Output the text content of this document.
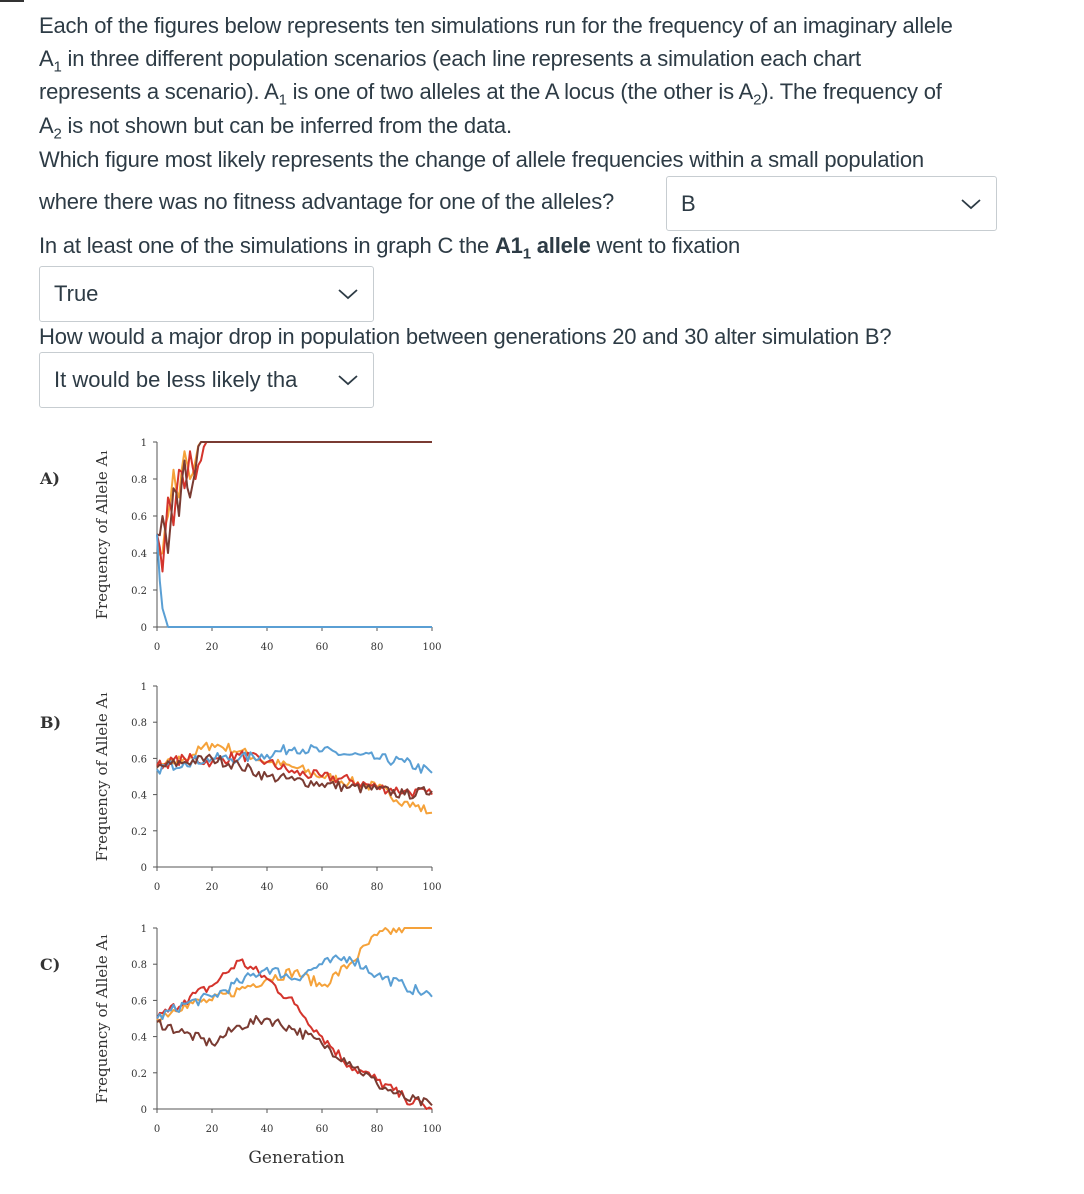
Each of the figures below represents ten simulations run for the frequency of an imaginary allele
$A_1$ in three different population scenarios (each line represents a simulation each chart
represents a scenario). $A_1$ is one of two alleles at the A locus (the other is $A_2$). The frequency of
$A_2$ is not shown but can be inferred from the data.
Which figure most likely represents the change of allele frequencies within a small population
where there was no fitness advantage for one of the alleles?	B
In at least one of the simulations in graph C the $A1_1$ allele went to fixation
True
How would a major drop in population between generations 20 and 30 alter simulation B?
It would be less likely tha
A) Frequency of Allele A₁
0
0.2
0.4
0.6
0.8
1
0	20	40	60	80	100
B) Frequency of Allele A₁
0
0.2
0.4
0.6
0.8
1
0	20	40	60	80	100
C) Frequency of Allele A₁
0
0.2
0.4
0.6
0.8
1
0	20	40	60	80	100
Generation
